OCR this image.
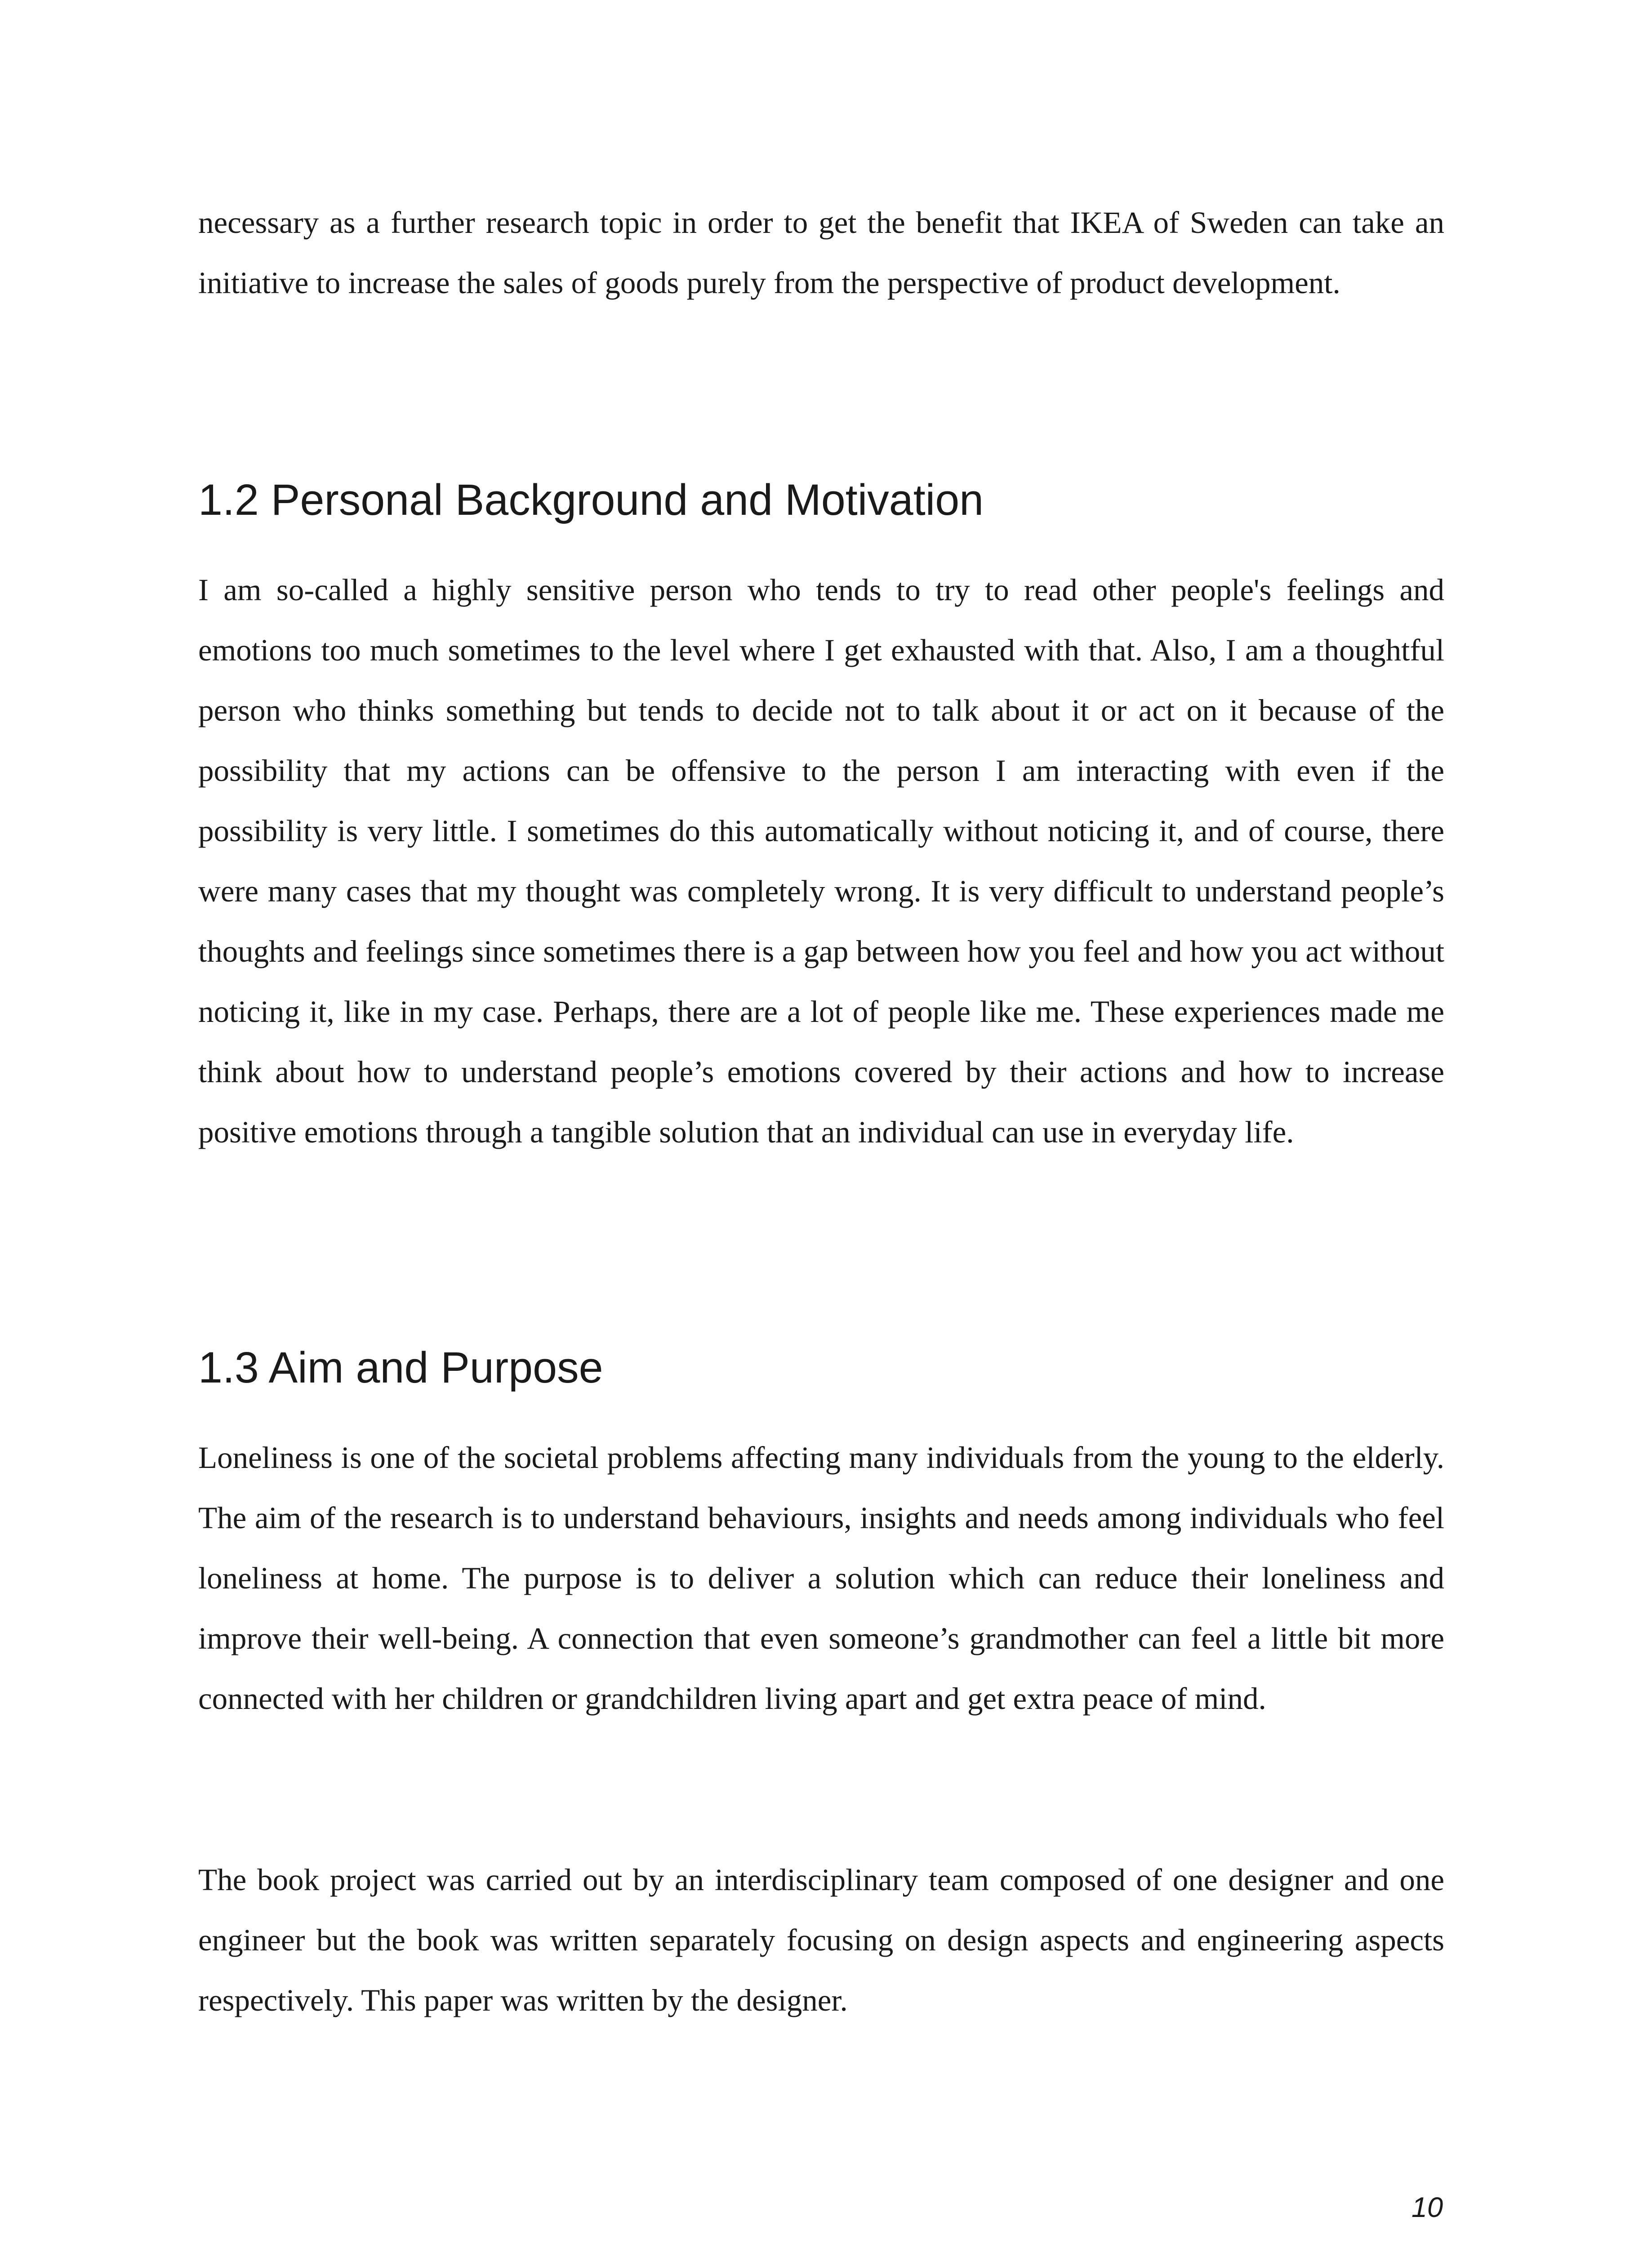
necessary as a further research topic in order to get the benefit that IKEA of Sweden can take an initiative to increase the sales of goods purely from the perspective of product development.

1.2 Personal Background and Motivation

I am so-called a highly sensitive person who tends to try to read other people's feelings and emotions too much sometimes to the level where I get exhausted with that. Also, I am a thoughtful person who thinks something but tends to decide not to talk about it or act on it because of the possibility that my actions can be offensive to the person I am interacting with even if the possibility is very little. I sometimes do this automatically without noticing it, and of course, there were many cases that my thought was completely wrong. It is very difficult to understand people’s thoughts and feelings since sometimes there is a gap between how you feel and how you act without noticing it, like in my case. Perhaps, there are a lot of people like me. These experiences made me think about how to understand people’s emotions covered by their actions and how to increase positive emotions through a tangible solution that an individual can use in everyday life.

1.3 Aim and Purpose

Loneliness is one of the societal problems affecting many individuals from the young to the elderly. The aim of the research is to understand behaviours, insights and needs among individuals who feel loneliness at home. The purpose is to deliver a solution which can reduce their loneliness and improve their well-being. A connection that even someone’s grandmother can feel a little bit more connected with her children or grandchildren living apart and get extra peace of mind.

The book project was carried out by an interdisciplinary team composed of one designer and one engineer but the book was written separately focusing on design aspects and engineering aspects respectively. This paper was written by the designer.

10
